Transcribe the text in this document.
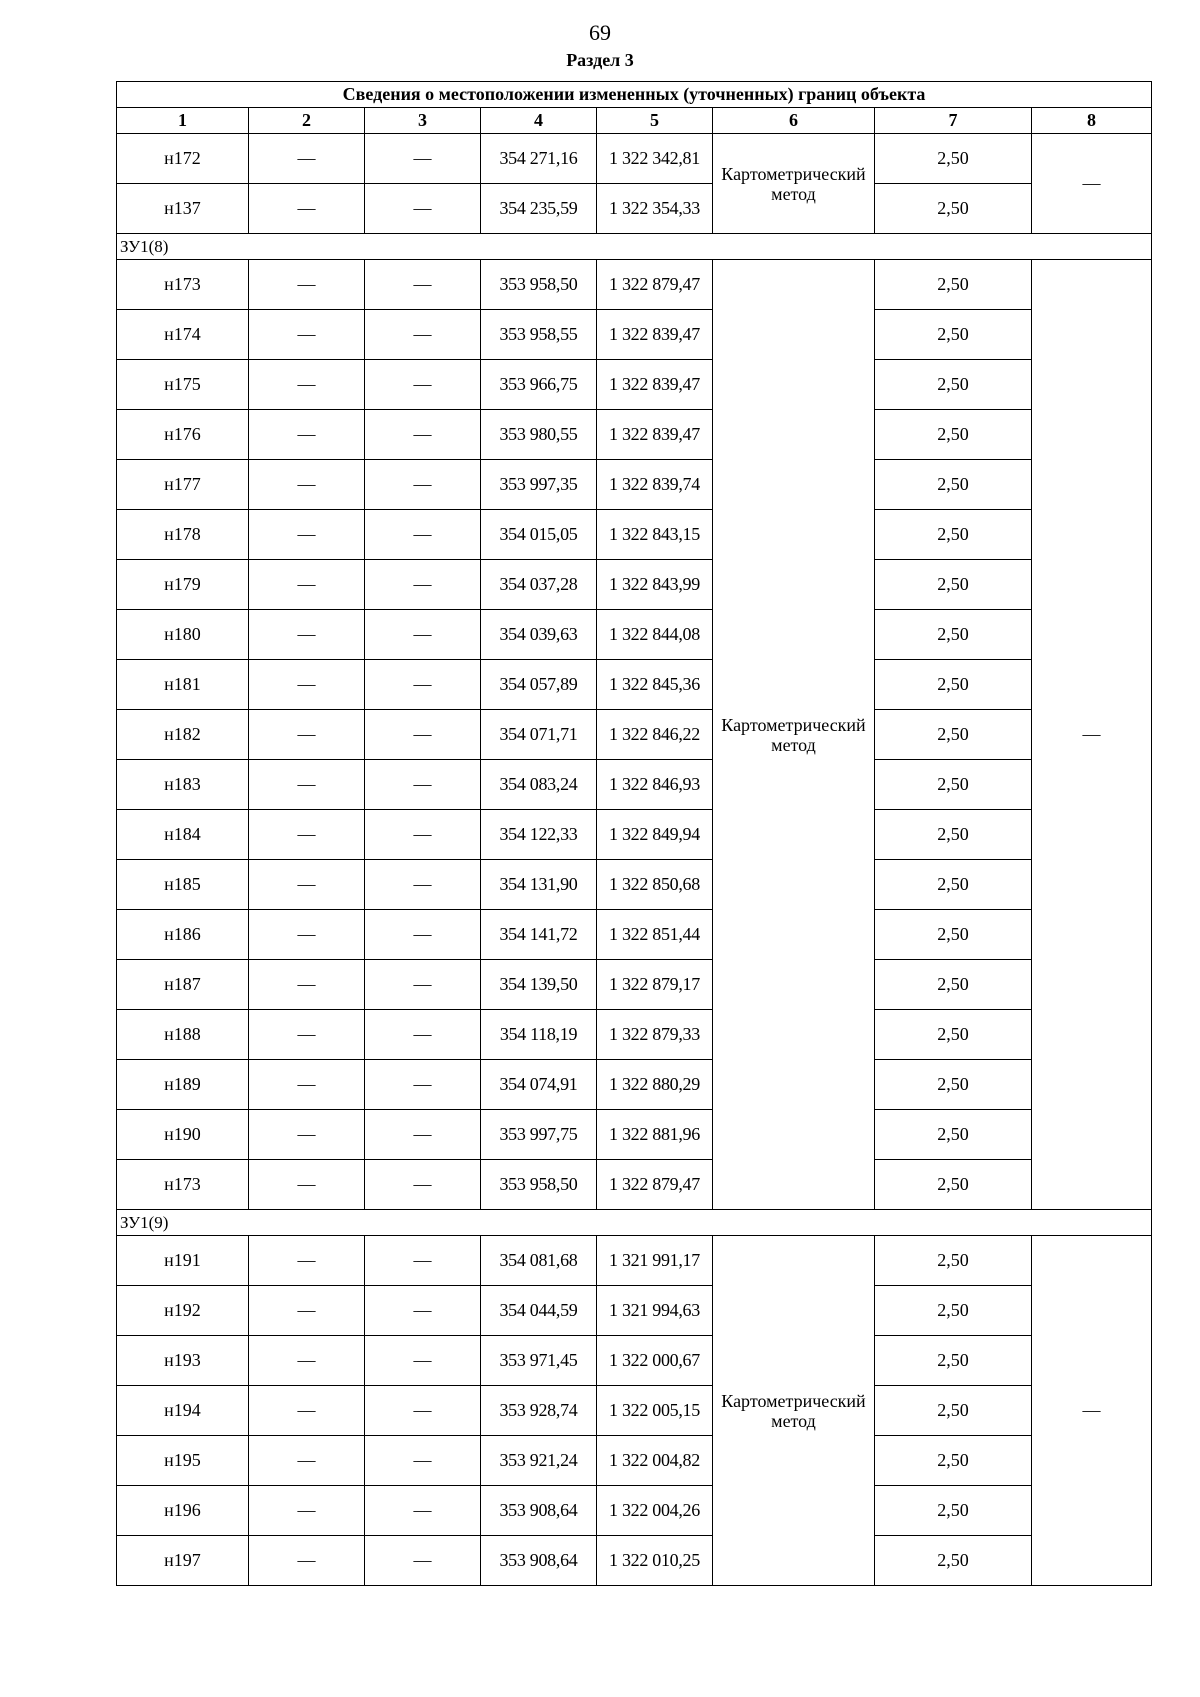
69
Раздел 3
Сведения о местоположении измененных (уточненных) границ объекта							
1	2	3	4	5	6	7	8
н172	—	—	354 271,16	1 322 342,81	Картометрический метод	2,50	—
н137	—	—	354 235,59	1 322 354,33		2,50	
ЗУ1(8)							
н173	—	—	353 958,50	1 322 879,47	Картометрический метод	2,50	—
н174	—	—	353 958,55	1 322 839,47		2,50	
н175	—	—	353 966,75	1 322 839,47		2,50	
н176	—	—	353 980,55	1 322 839,47		2,50	
н177	—	—	353 997,35	1 322 839,74		2,50	
н178	—	—	354 015,05	1 322 843,15		2,50	
н179	—	—	354 037,28	1 322 843,99		2,50	
н180	—	—	354 039,63	1 322 844,08		2,50	
н181	—	—	354 057,89	1 322 845,36		2,50	
н182	—	—	354 071,71	1 322 846,22		2,50	
н183	—	—	354 083,24	1 322 846,93		2,50	
н184	—	—	354 122,33	1 322 849,94		2,50	
н185	—	—	354 131,90	1 322 850,68		2,50	
н186	—	—	354 141,72	1 322 851,44		2,50	
н187	—	—	354 139,50	1 322 879,17		2,50	
н188	—	—	354 118,19	1 322 879,33		2,50	
н189	—	—	354 074,91	1 322 880,29		2,50	
н190	—	—	353 997,75	1 322 881,96		2,50	
н173	—	—	353 958,50	1 322 879,47		2,50	
ЗУ1(9)							
н191	—	—	354 081,68	1 321 991,17	Картометрический метод	2,50	—
н192	—	—	354 044,59	1 321 994,63		2,50	
н193	—	—	353 971,45	1 322 000,67		2,50	
н194	—	—	353 928,74	1 322 005,15		2,50	
н195	—	—	353 921,24	1 322 004,82		2,50	
н196	—	—	353 908,64	1 322 004,26		2,50	
н197	—	—	353 908,64	1 322 010,25		2,50	
